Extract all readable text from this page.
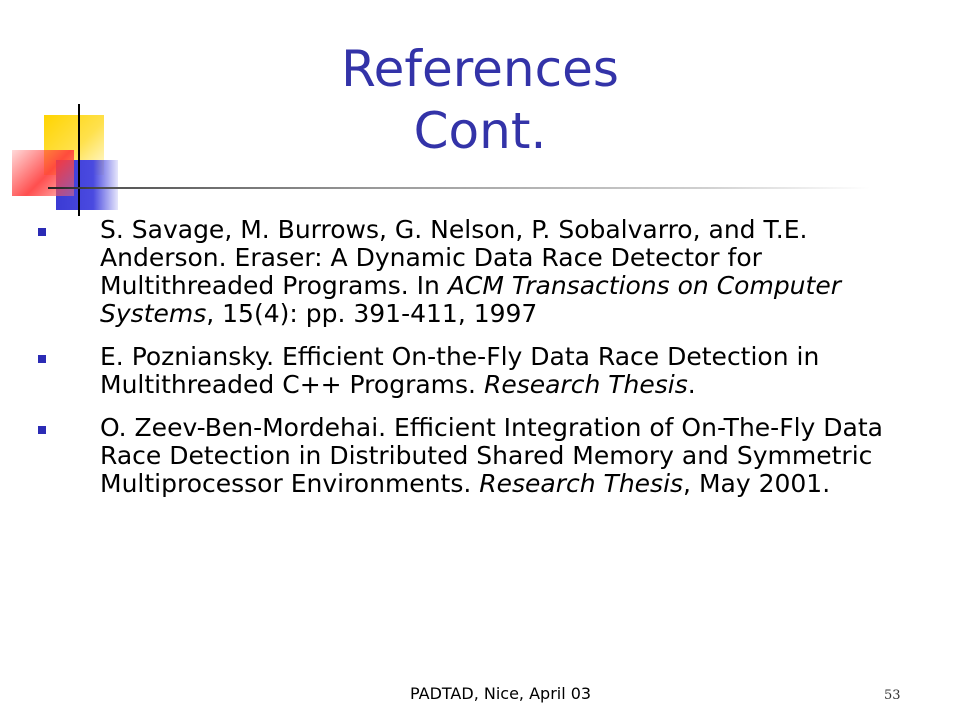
References
Cont.
S. Savage, M. Burrows, G. Nelson, P. Sobalvarro, and T.E. Anderson. Eraser: A Dynamic Data Race Detector for Multithreaded Programs. In ACM Transactions on Computer Systems, 15(4): pp. 391-411, 1997
E. Pozniansky. Efficient On-the-Fly Data Race Detection in Multithreaded C++ Programs. Research Thesis.
O. Zeev-Ben-Mordehai. Efficient Integration of On-The-Fly Data Race Detection in Distributed Shared Memory and Symmetric Multiprocessor Environments. Research Thesis, May 2001.
PADTAD, Nice, April 03	53
